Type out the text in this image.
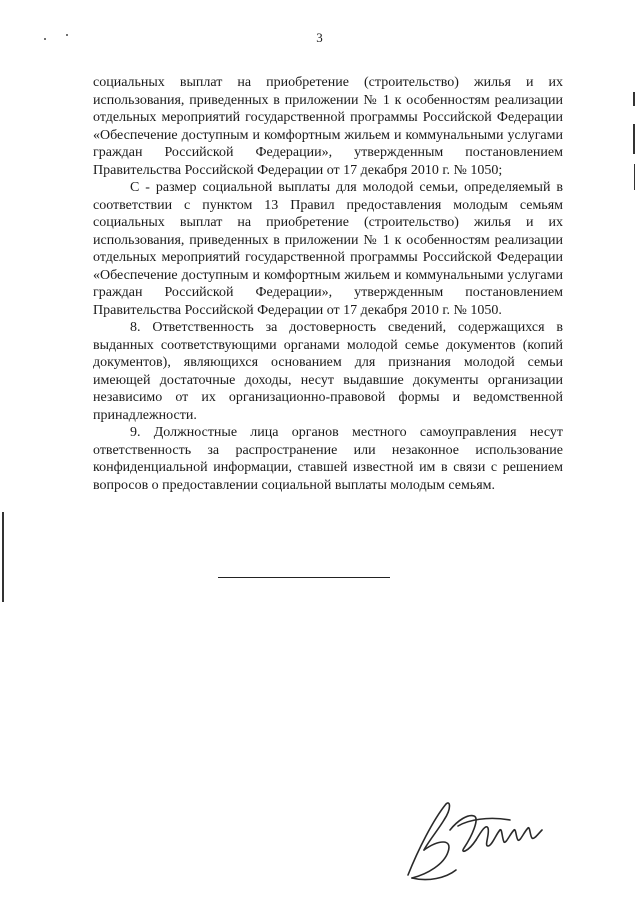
3

социальных выплат на приобретение (строительство) жилья и их использования, приведенных в приложении № 1 к особенностям реализации отдельных мероприятий государственной программы Российской Федерации «Обеспечение доступным и комфортным жильем и коммунальными услугами граждан Российской Федерации», утвержденным постановлением Правительства Российской Федерации от 17 декабря 2010 г. № 1050;

С - размер социальной выплаты для молодой семьи, определяемый в соответствии с пунктом 13 Правил предоставления молодым семьям социальных выплат на приобретение (строительство) жилья и их использования, приведенных в приложении № 1 к особенностям реализации отдельных мероприятий государственной программы Российской Федерации «Обеспечение доступным и комфортным жильем и коммунальными услугами граждан Российской Федерации», утвержденным постановлением Правительства Российской Федерации от 17 декабря 2010 г. № 1050.

8. Ответственность за достоверность сведений, содержащихся в выданных соответствующими органами молодой семье документов (копий документов), являющихся основанием для признания молодой семьи имеющей достаточные доходы, несут выдавшие документы организации независимо от их организационно-правовой формы и ведомственной принадлежности.

9. Должностные лица органов местного самоуправления несут ответственность за распространение или незаконное использование конфиденциальной информации, ставшей известной им в связи с решением вопросов о предоставлении социальной выплаты молодым семьям.
